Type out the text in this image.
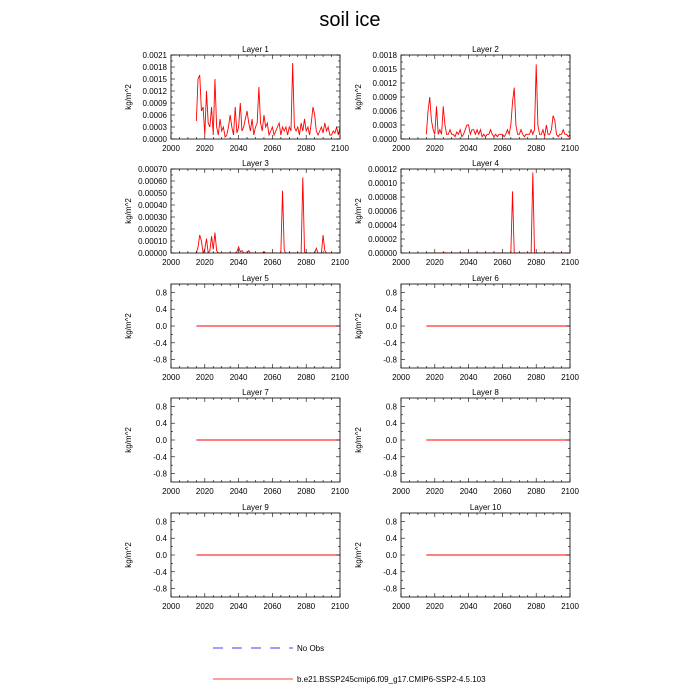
soil ice
Layer 1
kg/m^2
2000 2020 2040 2060 2080 2100
0.0000
0.0003
0.0006
0.0009
0.0012
0.0015
0.0018
0.0021
Layer 2
kg/m^2
2000 2020 2040 2060 2080 2100
0.0000
0.0003
0.0006
0.0009
0.0012
0.0015
0.0018
Layer 3
kg/m^2
2000 2020 2040 2060 2080 2100
0.00000
0.00010
0.00020
0.00030
0.00040
0.00050
0.00060
0.00070
Layer 4
kg/m^2
2000 2020 2040 2060 2080 2100
0.00000
0.00002
0.00004
0.00006
0.00008
0.00010
0.00012
Layer 5
kg/m^2
2000 2020 2040 2060 2080 2100
-0.8
-0.4
0.0
0.4
0.8
Layer 6
kg/m^2
2000 2020 2040 2060 2080 2100
-0.8
-0.4
0.0
0.4
0.8
Layer 7
kg/m^2
2000 2020 2040 2060 2080 2100
-0.8
-0.4
0.0
0.4
0.8
Layer 8
kg/m^2
2000 2020 2040 2060 2080 2100
-0.8
-0.4
0.0
0.4
0.8
Layer 9
kg/m^2
2000 2020 2040 2060 2080 2100
-0.8
-0.4
0.0
0.4
0.8
Layer 10
kg/m^2
2000 2020 2040 2060 2080 2100
-0.8
-0.4
0.0
0.4
0.8
No Obs
b.e21.BSSP245cmip6.f09_g17.CMIP6-SSP2-4.5.103
